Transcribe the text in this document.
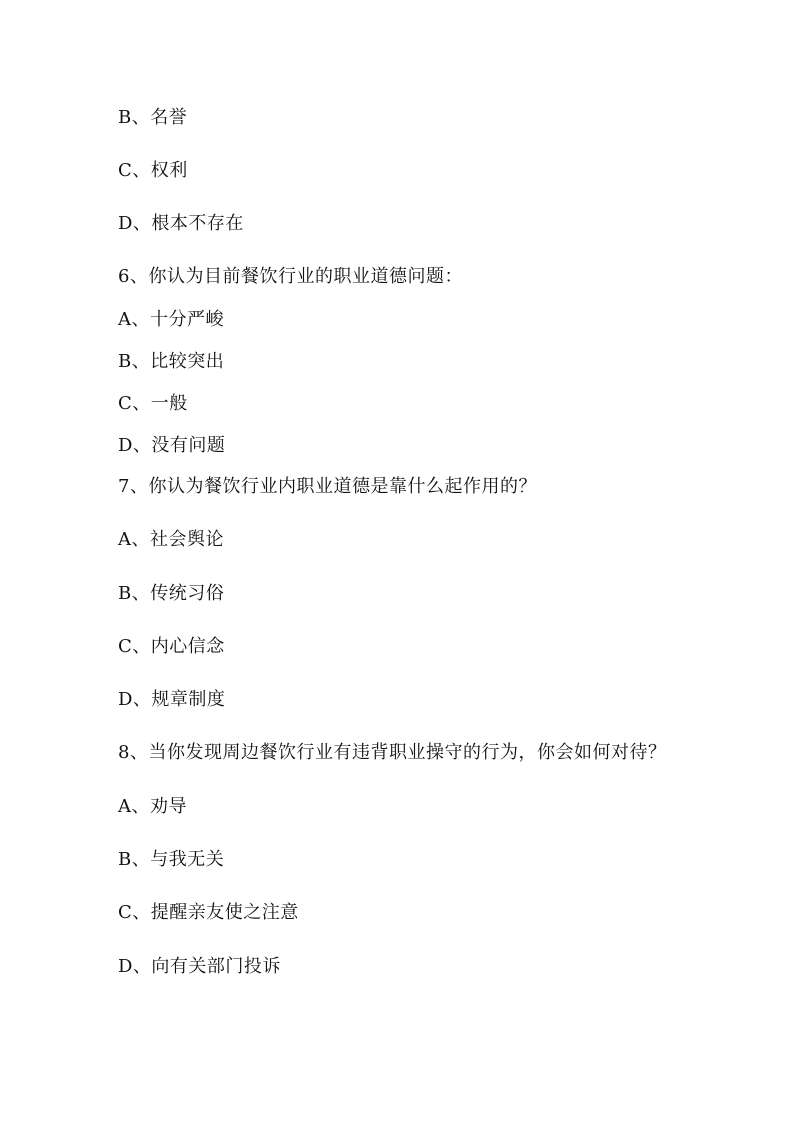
B、名誉
C、权利
D、根本不存在
6、你认为目前餐饮行业的职业道德问题：
A、十分严峻
B、比较突出
C、一般
D、没有问题
7、你认为餐饮行业内职业道德是靠什么起作用的？
A、社会舆论
B、传统习俗
C、内心信念
D、规章制度
8、当你发现周边餐饮行业有违背职业操守的行为，你会如何对待？
A、劝导
B、与我无关
C、提醒亲友使之注意
D、向有关部门投诉
